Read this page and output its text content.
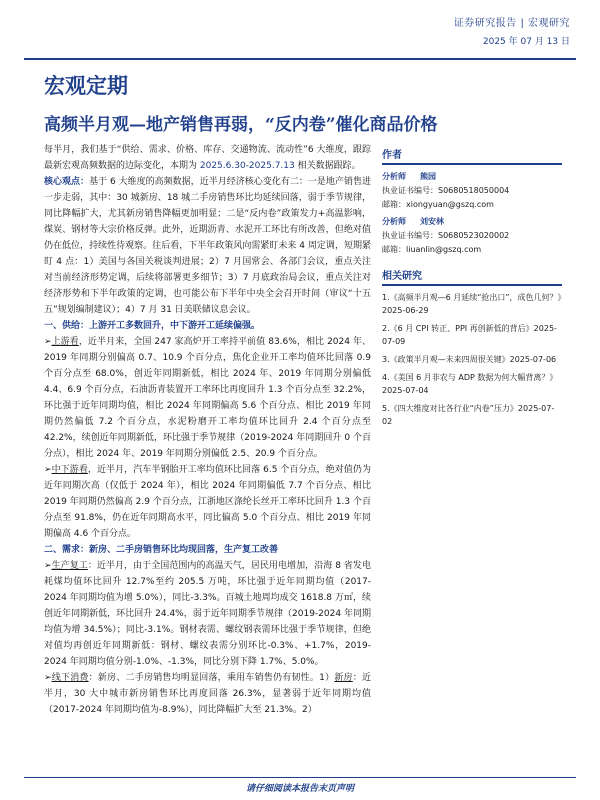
证券研究报告 | 宏观研究
2025 年 07 月 13 日
宏观定期
高频半月观—地产销售再弱，“反内卷”催化商品价格

每半月，我们基于“供给、需求、价格、库存、交通物流、流动性”6 大维度，跟踪最新宏观高频数据的边际变化，本期为 2025.6.30-2025.7.13 相关数据跟踪。

核心观点：基于 6 大维度的高频数据，近半月经济核心变化有二：一是地产销售进一步走弱，其中：30 城新房、18 城二手房销售环比均延续回落，弱于季节规律，同比降幅扩大，尤其新房销售降幅更加明显；二是“反内卷”政策发力+高温影响，煤炭、钢材等大宗价格反弹。此外，近期沥青、水泥开工环比有所改善，但绝对值仍在低位，持续性待观察。往后看，下半年政策风向需紧盯未来 4 周定调，短期紧盯 4 点：1）美国与各国关税谈判进展；2）7 月国常会、各部门会议，重点关注对当前经济形势定调，后续将部署更多细节；3）7 月底政治局会议，重点关注对经济形势和下半年政策的定调，也可能公布下半年中央全会召开时间（审议“十五五”规划编制建议）；4）7 月 31 日美联储议息会议。

一、供给：上游开工多数回升，中下游开工延续偏强。

➢上游看，近半月来，全国 247 家高炉开工率持平前值 83.6%，相比 2024 年、2019 年同期分别偏高 0.7、10.9 个百分点，焦化企业开工率均值环比回落 0.9 个百分点至 68.0%，创近年同期新低，相比 2024 年、2019 年同期分别偏低 4.4、6.9 个百分点，石油沥青装置开工率环比再度回升 1.3 个百分点至 32.2%，环比强于近年同期均值，相比 2024 年同期偏高 5.6 个百分点、相比 2019 年同期仍然偏低 7.2 个百分点，水泥粉磨开工率均值环比回升 2.4 个百分点至 42.2%，续创近年同期新低，环比强于季节规律（2019-2024 年同期回升 0 个百分点），相比 2024 年、2019 年同期分别偏低 2.5、20.9 个百分点。

➢中下游看，近半月，汽车半钢胎开工率均值环比回落 6.5 个百分点，绝对值仍为近年同期次高（仅低于 2024 年），相比 2024 年同期偏低 7.7 个百分点、相比 2019 年同期仍然偏高 2.9 个百分点，江浙地区涤纶长丝开工率环比回升 1.3 个百分点至 91.8%，仍在近年同期高水平，同比偏高 5.0 个百分点、相比 2019 年同期偏高 4.6 个百分点。

二、需求：新房、二手房销售环比均现回落，生产复工改善

➢生产复工：近半月，由于全国范围内的高温天气，居民用电增加，沿海 8 省发电耗煤均值环比回升 12.7%至约 205.5 万吨，环比强于近年同期均值（2017-2024 年同期均值为增 5.0%），同比-3.3%。百城土地周均成交 1618.8 万㎡，续创近年同期新低，环比回升 24.4%，弱于近年同期季节规律（2019-2024 年同期均值为增 34.5%）；同比-3.1%。钢材表需、螺纹钢表需环比强于季节规律，但绝对值均再创近年同期新低：钢材、螺纹表需分别环比-0.3%、+1.7%，2019-2024 年同期均值分别-1.0%、-1.3%，同比分别下降 1.7%、5.0%。

➢线下消费：新房、二手房销售均明显回落，乘用车销售仍有韧性。1）新房：近半月，30 大中城市新房销售环比再度回落 26.3%，显著弱于近年同期均值（2017-2024 年同期均值为-8.9%），同比降幅扩大至 21.3%。2）

作者
分析师 熊园
执业证书编号：S0680518050004
邮箱：xiongyuan@gszq.com
分析师 刘安林
执业证书编号：S0680523020002
邮箱：liuanlin@gszq.com
相关研究
1.《高频半月观—6 月延续“抢出口”，成色几何？》2025-06-29
2.《6 月 CPI 转正、PPI 再创新低的背后》2025-07-09
3.《政策半月观—未来四周很关键》2025-07-06
4.《美国 6 月非农与 ADP 数据为何大幅背离？》2025-07-04
5.《四大维度对比各行业“内卷”压力》2025-07-02
请仔细阅读本报告末页声明
